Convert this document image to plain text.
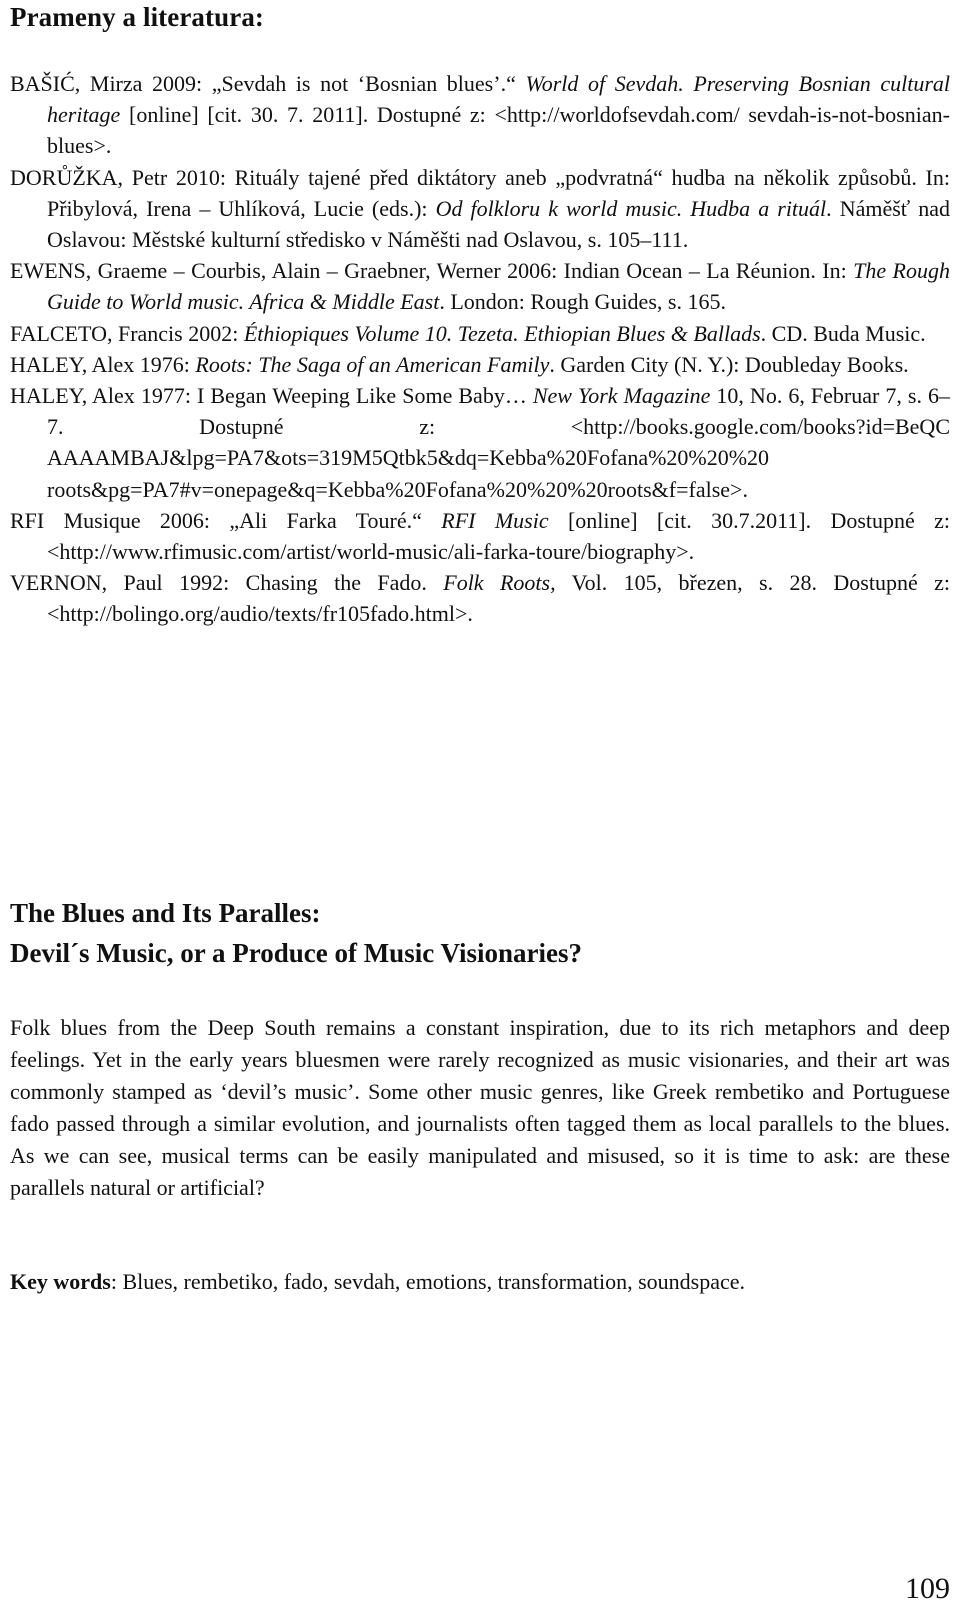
Prameny a literatura:

BAŠIĆ, Mirza 2009: „Sevdah is not ‘Bosnian blues’.“ World of Sevdah. Preserving Bosnian cultural heritage [online] [cit. 30. 7. 2011]. Dostupné z: <http://worldofsevdah.com/ sevdah-is-not-bosnian-blues>.

DORŮŽKA, Petr 2010: Rituály tajené před diktátory aneb „podvratná“ hudba na několik způsobů. In: Přibylová, Irena – Uhlíková, Lucie (eds.): Od folkloru k world music. Hudba a rituál. Náměšť nad Oslavou: Městské kulturní středisko v Náměšti nad Oslavou, s. 105–111.

EWENS, Graeme – Courbis, Alain – Graebner, Werner 2006: Indian Ocean – La Réunion. In: The Rough Guide to World music. Africa & Middle East. London: Rough Guides, s. 165.

FALCETO, Francis 2002: Éthiopiques Volume 10. Tezeta. Ethiopian Blues & Ballads. CD. Buda Music.

HALEY, Alex 1976: Roots: The Saga of an American Family. Garden City (N. Y.): Doubleday Books.

HALEY, Alex 1977: I Began Weeping Like Some Baby… New York Magazine 10, No. 6, Februar 7, s. 6–7. Dostupné z: <http://books.google.com/books?id=BeQC AAAAMBAJ&lpg=PA7&ots=319M5Qtbk5&dq=Kebba%20Fofana%20%20%20 roots&pg=PA7#v=onepage&q=Kebba%20Fofana%20%20%20roots&f=false>.

RFI Musique 2006: „Ali Farka Touré.“ RFI Music [online] [cit. 30.7.2011]. Dostupné z: <http://www.rfimusic.com/artist/world-music/ali-farka-toure/biography>.

VERNON, Paul 1992: Chasing the Fado. Folk Roots, Vol. 105, březen, s. 28. Dostupné z: <http://bolingo.org/audio/texts/fr105fado.html>.

The Blues and Its Paralles:
Devil´s Music, or a Produce of Music Visionaries?

Folk blues from the Deep South remains a constant inspiration, due to its rich metaphors and deep feelings. Yet in the early years bluesmen were rarely recognized as music visionaries, and their art was commonly stamped as ‘devil’s music’. Some other music genres, like Greek rembetiko and Portuguese fado passed through a similar evolution, and journalists often tagged them as local parallels to the blues. As we can see, musical terms can be easily manipulated and misused, so it is time to ask: are these parallels natural or artificial?

Key words: Blues, rembetiko, fado, sevdah, emotions, transformation, soundspace.

109
